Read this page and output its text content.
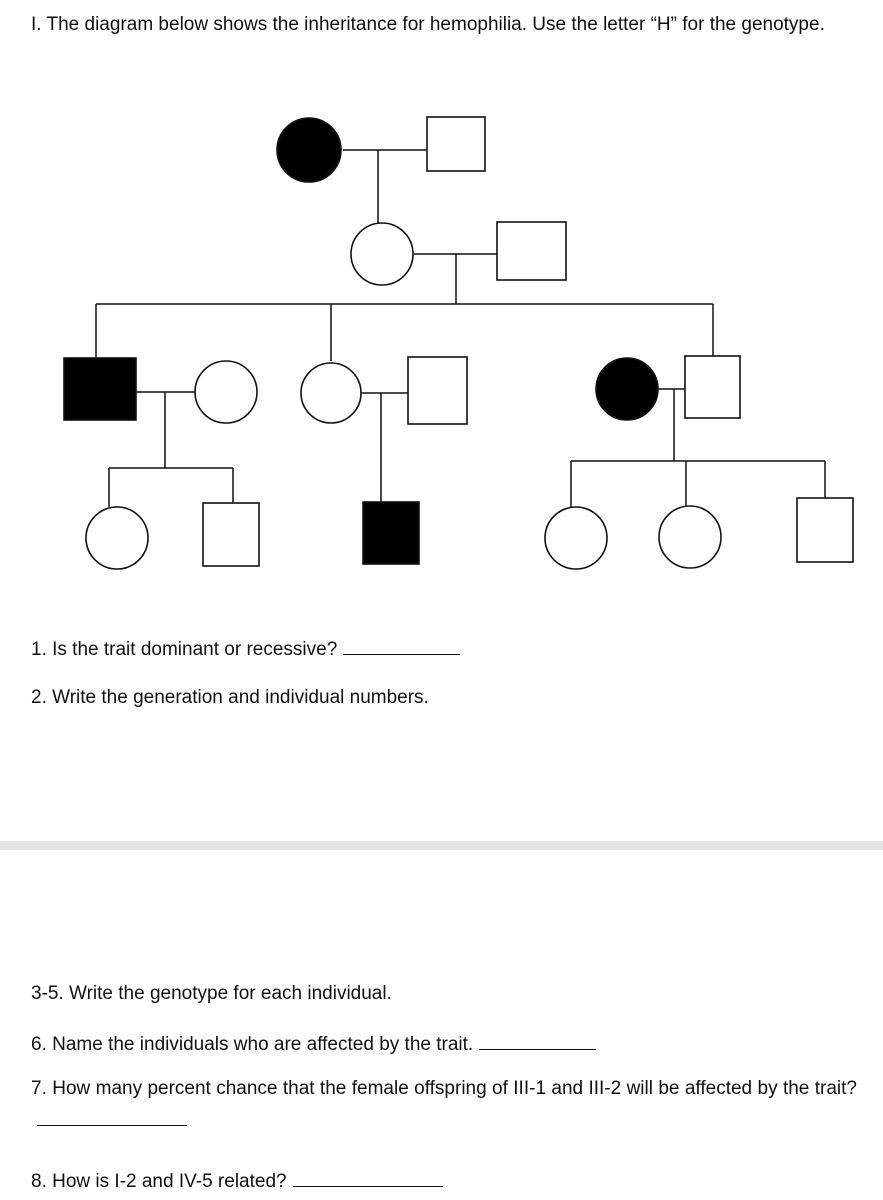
I. The diagram below shows the inheritance for hemophilia. Use the letter “H” for the genotype.

1. Is the trait dominant or recessive?

2. Write the generation and individual numbers.

3-5. Write the genotype for each individual.

6. Name the individuals who are affected by the trait.

7. How many percent chance that the female offspring of III-1 and III-2 will be affected by the trait?

8. How is I-2 and IV-5 related?
